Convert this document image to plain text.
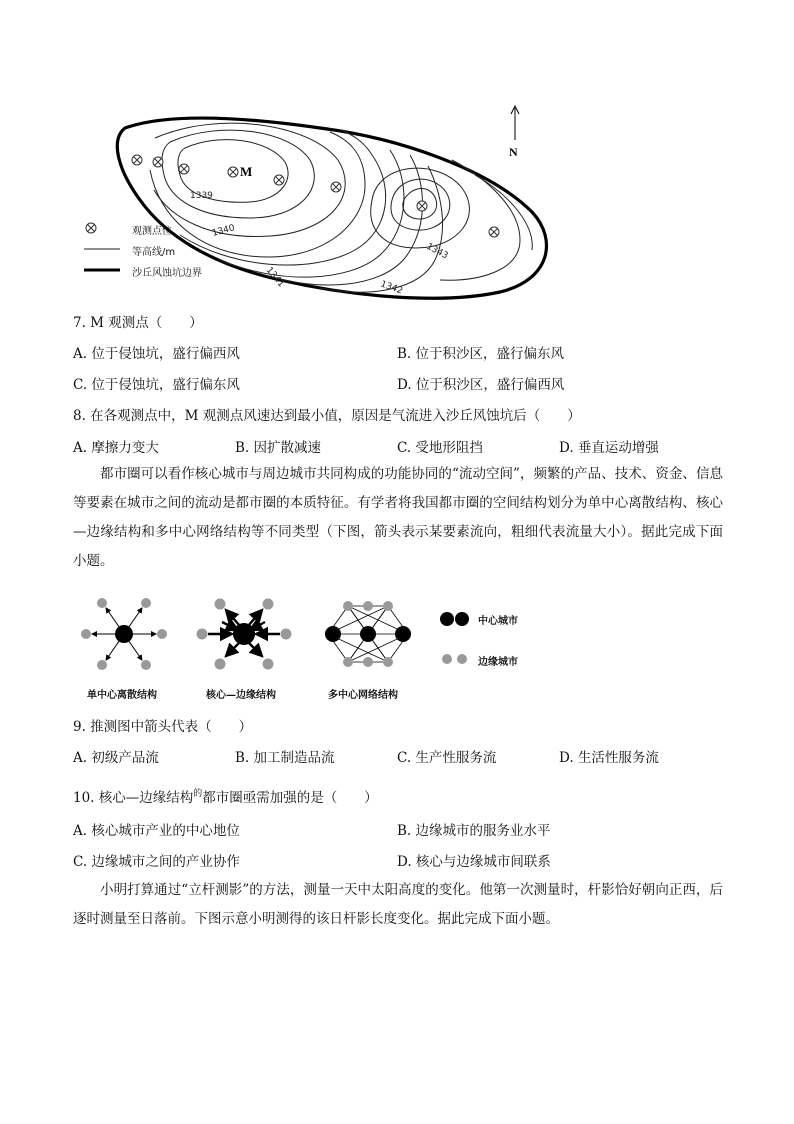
N
M
1339
1340
1341	1342
1343
观测点位
等高线/m
沙丘风蚀坑边界
7. M 观测点（　　）
A. 位于侵蚀坑，盛行偏西风	B. 位于积沙区，盛行偏东风
C. 位于侵蚀坑，盛行偏东风	D. 位于积沙区，盛行偏西风
8. 在各观测点中，M 观测点风速达到最小值，原因是气流进入沙丘风蚀坑后（　　）
A. 摩擦力变大	B. 因扩散减速	C. 受地形阻挡	D. 垂直运动增强
都市圈可以看作核心城市与周边城市共同构成的功能协同的“流动空间”，频繁的产品、技术、资金、信息等要素在城市之间的流动是都市圈的本质特征。有学者将我国都市圈的空间结构划分为单中心离散结构、核心—边缘结构和多中心网络结构等不同类型（下图，箭头表示某要素流向，粗细代表流量大小）。据此完成下面小题。
中心城市
边缘城市
单中心离散结构	核心—边缘结构	多中心网络结构
9. 推测图中箭头代表（　　）
A. 初级产品流	B. 加工制造品流	C. 生产性服务流	D. 生活性服务流
10. 核心—边缘结构$^的$都市圈亟需加强的是（　　）
A. 核心城市产业的中心地位	B. 边缘城市的服务业水平
C. 边缘城市之间的产业协作	D. 核心与边缘城市间联系
小明打算通过“立杆测影”的方法，测量一天中太阳高度的变化。他第一次测量时，杆影恰好朝向正西，后逐时测量至日落前。下图示意小明测得的该日杆影长度变化。据此完成下面小题。
